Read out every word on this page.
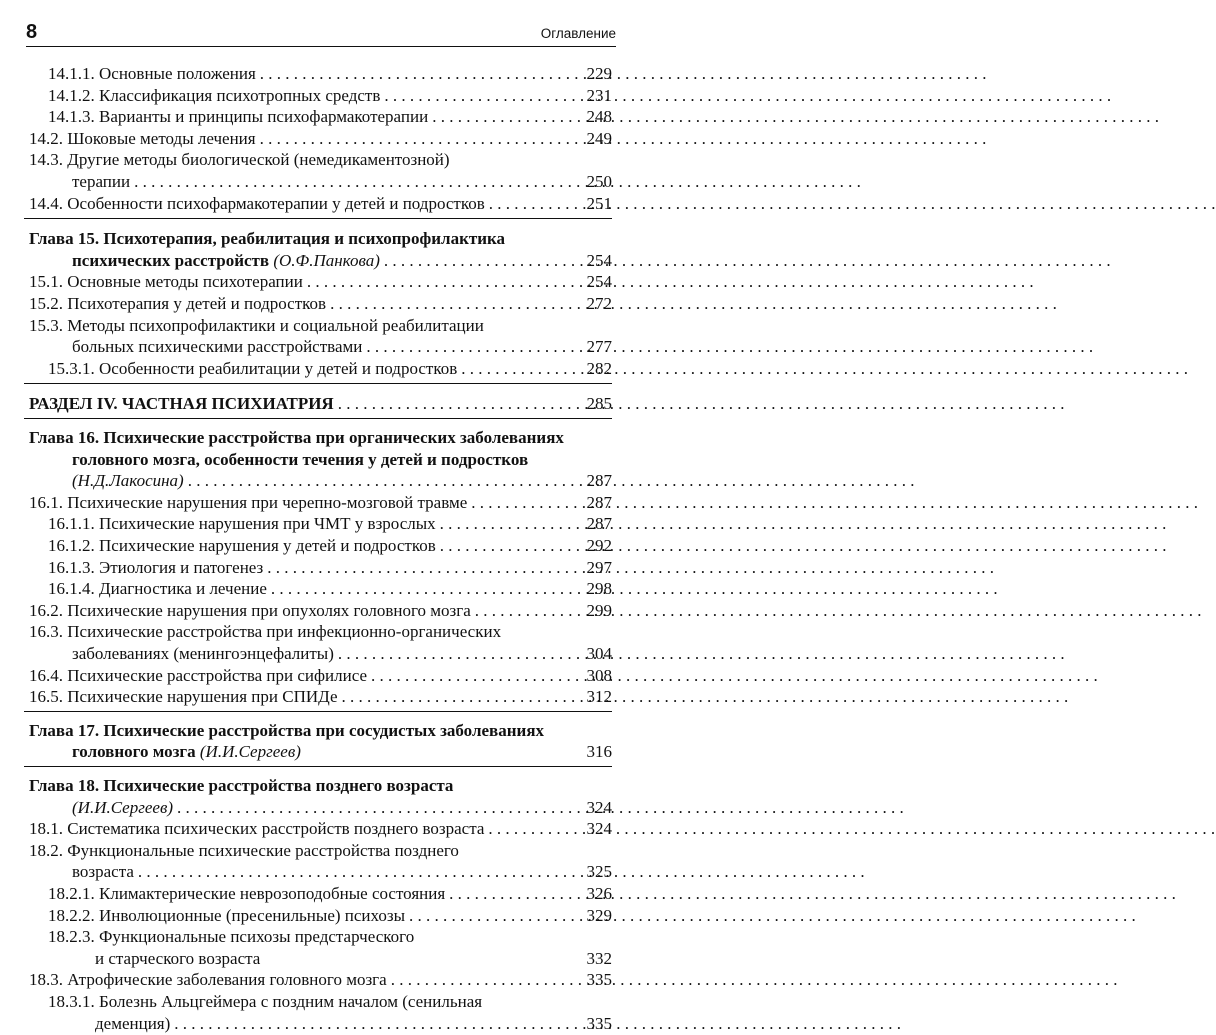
8	Оглавление
14.1.1. Основные положения . . .	229
14.1.2. Классификация психотропных средств . . .	231
14.1.3. Варианты и принципы психофармакотерапии . . .	248
14.2. Шоковые методы лечения . . .	249
14.3. Другие методы биологической (немедикаментозной)
терапии . . .	250
14.4. Особенности психофармакотерапии у детей и подростков . . .	251
Глава 15. Психотерапия, реабилитация и психопрофилактика
психических расстройств (О.Ф.Панкова) . . .	254
15.1. Основные методы психотерапии . . .	254
15.2. Психотерапия у детей и подростков . . .	272
15.3. Методы психопрофилактики и социальной реабилитации
больных психическими расстройствами . . .	277
15.3.1. Особенности реабилитации у детей и подростков . . .	282
РАЗДЕЛ IV. ЧАСТНАЯ ПСИХИАТРИЯ . . .	285
Глава 16. Психические расстройства при органических заболеваниях
головного мозга, особенности течения у детей и подростков
(Н.Д.Лакосина) . . .	287
16.1. Психические нарушения при черепно-мозговой травме . . .	287
16.1.1. Психические нарушения при ЧМТ у взрослых . . .	287
16.1.2. Психические нарушения у детей и подростков . . .	292
16.1.3. Этиология и патогенез . . .	297
16.1.4. Диагностика и лечение . . .	298
16.2. Психические нарушения при опухолях головного мозга . . .	299
16.3. Психические расстройства при инфекционно-органических
заболеваниях (менингоэнцефалиты) . . .	304
16.4. Психические расстройства при сифилисе . . .	308
16.5. Психические нарушения при СПИДе . . .	312
Глава 17. Психические расстройства при сосудистых заболеваниях
головного мозга (И.И.Сергеев)	316
Глава 18. Психические расстройства позднего возраста
(И.И.Сергеев) . . .	324
18.1. Систематика психических расстройств позднего возраста . . .	324
18.2. Функциональные психические расстройства позднего
возраста . . .	325
18.2.1. Климактерические неврозоподобные состояния . . .	326
18.2.2. Инволюционные (пресенильные) психозы . . .	329
18.2.3. Функциональные психозы предстарческого
и старческого возраста	332
18.3. Атрофические заболевания головного мозга . . .	335
18.3.1. Болезнь Альцгеймера с поздним началом (сенильная
деменция) . . .	335
